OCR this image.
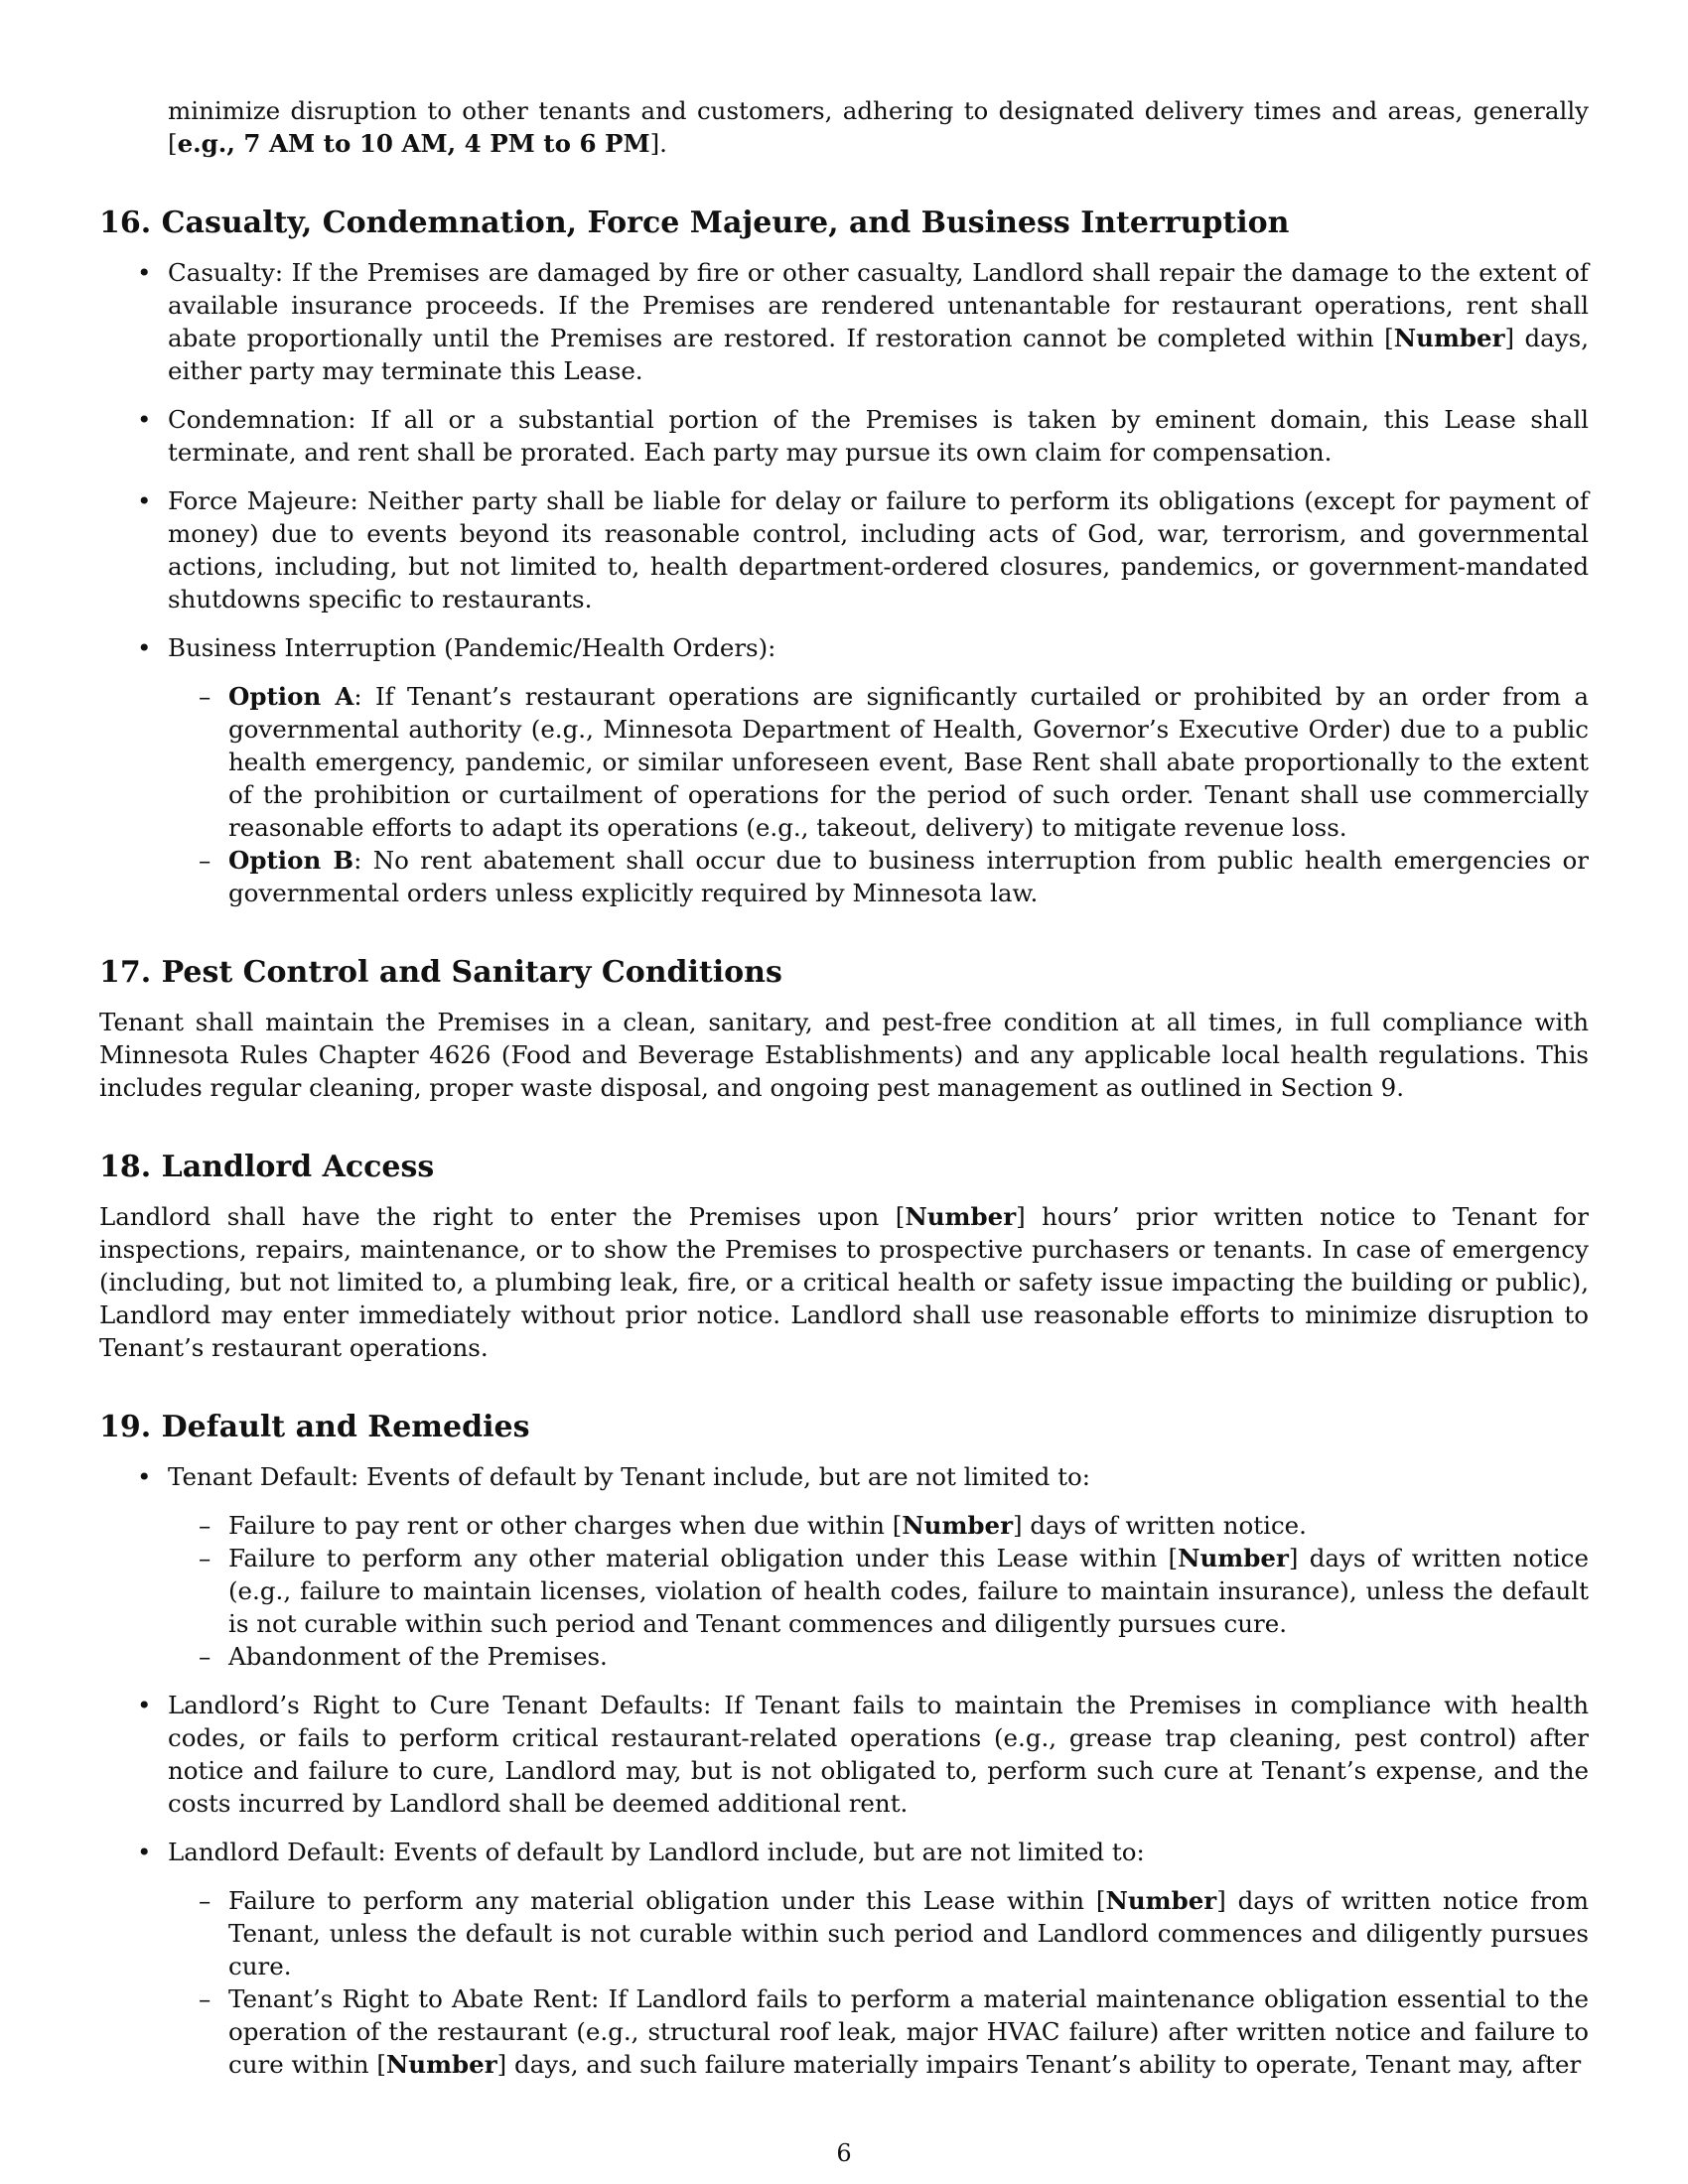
minimize disruption to other tenants and customers, adhering to designated delivery times and areas, generally [e.g., 7 AM to 10 AM, 4 PM to 6 PM].

16. Casualty, Condemnation, Force Majeure, and Business Interruption
• Casualty: If the Premises are damaged by fire or other casualty, Landlord shall repair the damage to the extent of available insurance proceeds. If the Premises are rendered untenantable for restaurant operations, rent shall abate proportionally until the Premises are restored. If restoration cannot be completed within [Number] days, either party may terminate this Lease.
• Condemnation: If all or a substantial portion of the Premises is taken by eminent domain, this Lease shall terminate, and rent shall be prorated. Each party may pursue its own claim for compensation.
• Force Majeure: Neither party shall be liable for delay or failure to perform its obligations (except for payment of money) due to events beyond its reasonable control, including acts of God, war, terrorism, and governmental actions, including, but not limited to, health department-ordered closures, pandemics, or government-mandated shutdowns specific to restaurants.
• Business Interruption (Pandemic/Health Orders):
– Option A: If Tenant’s restaurant operations are significantly curtailed or prohibited by an order from a governmental authority (e.g., Minnesota Department of Health, Governor’s Executive Order) due to a public health emergency, pandemic, or similar unforeseen event, Base Rent shall abate proportionally to the extent of the prohibition or curtailment of operations for the period of such order. Tenant shall use commercially reasonable efforts to adapt its operations (e.g., takeout, delivery) to mitigate revenue loss.
– Option B: No rent abatement shall occur due to business interruption from public health emergencies or governmental orders unless explicitly required by Minnesota law.
17. Pest Control and Sanitary Conditions

Tenant shall maintain the Premises in a clean, sanitary, and pest-free condition at all times, in full compliance with Minnesota Rules Chapter 4626 (Food and Beverage Establishments) and any applicable local health regulations. This includes regular cleaning, proper waste disposal, and ongoing pest management as outlined in Section 9.

18. Landlord Access

Landlord shall have the right to enter the Premises upon [Number] hours’ prior written notice to Tenant for inspections, repairs, maintenance, or to show the Premises to prospective purchasers or tenants. In case of emergency (including, but not limited to, a plumbing leak, fire, or a critical health or safety issue impacting the building or public), Landlord may enter immediately without prior notice. Landlord shall use reasonable efforts to minimize disruption to Tenant’s restaurant operations.

19. Default and Remedies
• Tenant Default: Events of default by Tenant include, but are not limited to:
– Failure to pay rent or other charges when due within [Number] days of written notice.
– Failure to perform any other material obligation under this Lease within [Number] days of written notice (e.g., failure to maintain licenses, violation of health codes, failure to maintain insurance), unless the default is not curable within such period and Tenant commences and diligently pursues cure.
– Abandonment of the Premises.
• Landlord’s Right to Cure Tenant Defaults: If Tenant fails to maintain the Premises in compliance with health codes, or fails to perform critical restaurant-related operations (e.g., grease trap cleaning, pest control) after notice and failure to cure, Landlord may, but is not obligated to, perform such cure at Tenant’s expense, and the costs incurred by Landlord shall be deemed additional rent.
• Landlord Default: Events of default by Landlord include, but are not limited to:
– Failure to perform any material obligation under this Lease within [Number] days of written notice from Tenant, unless the default is not curable within such period and Landlord commences and diligently pursues cure.
– Tenant’s Right to Abate Rent: If Landlord fails to perform a material maintenance obligation essential to the operation of the restaurant (e.g., structural roof leak, major HVAC failure) after written notice and failure to cure within [Number] days, and such failure materially impairs Tenant’s ability to operate, Tenant may, after
6
